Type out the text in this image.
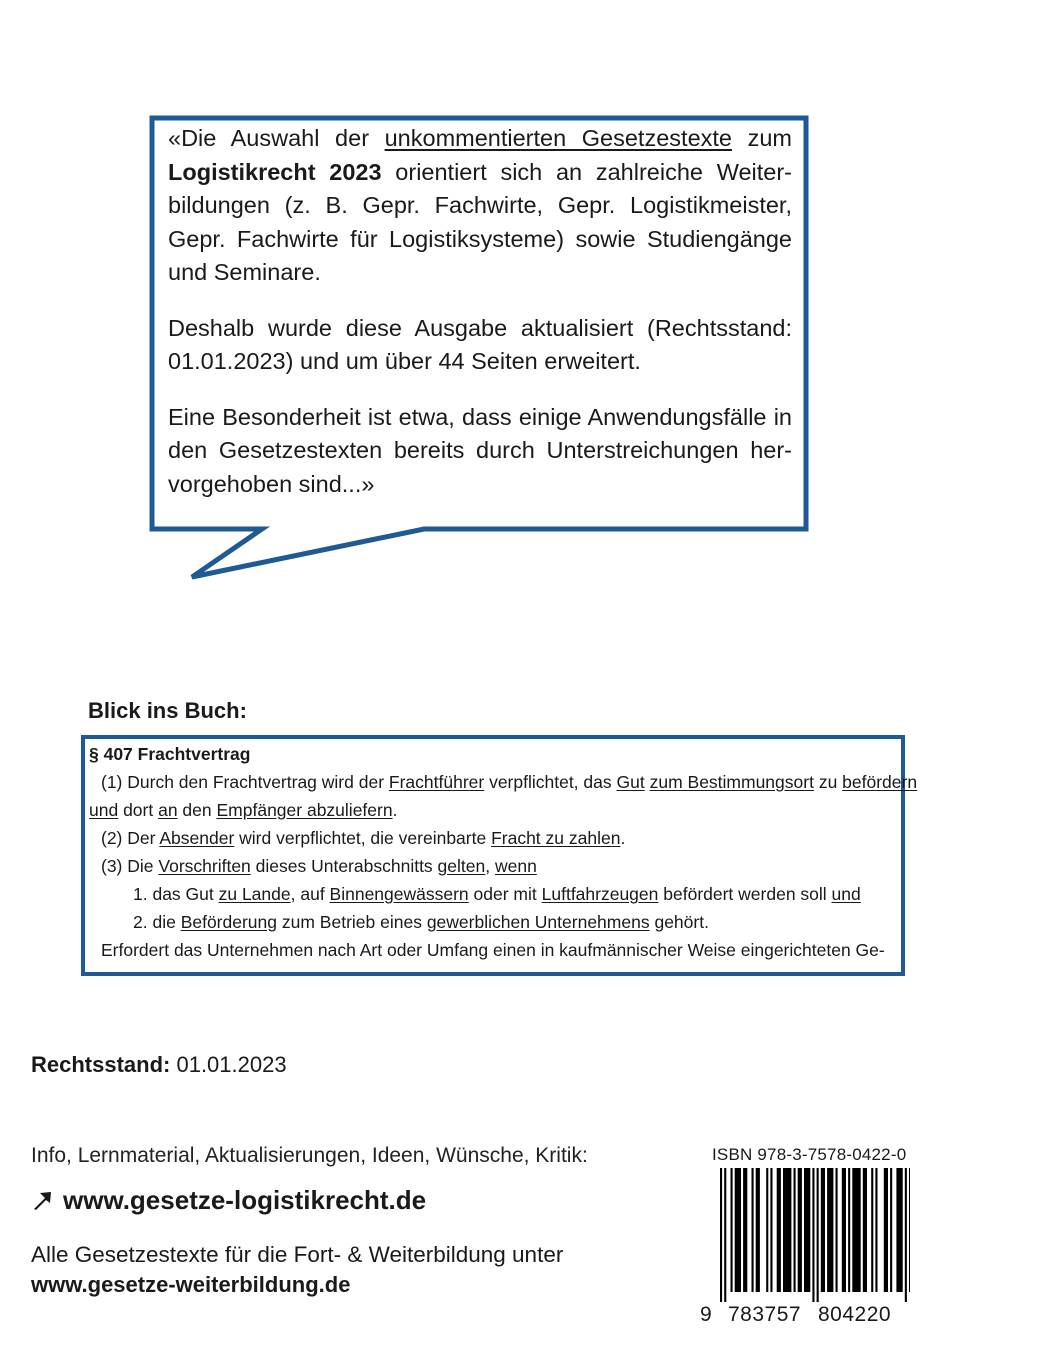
«Die Auswahl der unkommentierten Gesetzestexte zum Logistikrecht 2023 orientiert sich an zahlreiche Weiterbildungen (z. B. Gepr. Fachwirte, Gepr. Logistikmeister, Gepr. Fachwirte für Logistiksysteme) sowie Studiengänge und Seminare.

Deshalb wurde diese Ausgabe aktualisiert (Rechtsstand: 01.01.2023) und um über 44 Seiten erweitert.

Eine Besonderheit ist etwa, dass einige Anwendungsfälle in den Gesetzestexten bereits durch Unterstreichungen hervorgehoben sind...»

Blick ins Buch:
§ 407 Frachtvertrag
(1) Durch den Frachtvertrag wird der Frachtführer verpflichtet, das Gut zum Bestimmungsort zu befördern
und dort an den Empfänger abzuliefern.
(2) Der Absender wird verpflichtet, die vereinbarte Fracht zu zahlen.
(3) Die Vorschriften dieses Unterabschnitts gelten, wenn
1. das Gut zu Lande, auf Binnengewässern oder mit Luftfahrzeugen befördert werden soll und
2. die Beförderung zum Betrieb eines gewerblichen Unternehmens gehört.
Erfordert das Unternehmen nach Art oder Umfang einen in kaufmännischer Weise eingerichteten Ge-
Rechtsstand: 01.01.2023
Info, Lernmaterial, Aktualisierungen, Ideen, Wünsche, Kritik:
www.gesetze-logistikrecht.de
Alle Gesetzestexte für die Fort- & Weiterbildung unter
www.gesetze-weiterbildung.de
ISBN 978-3-7578-0422-0
9 783757 804220
